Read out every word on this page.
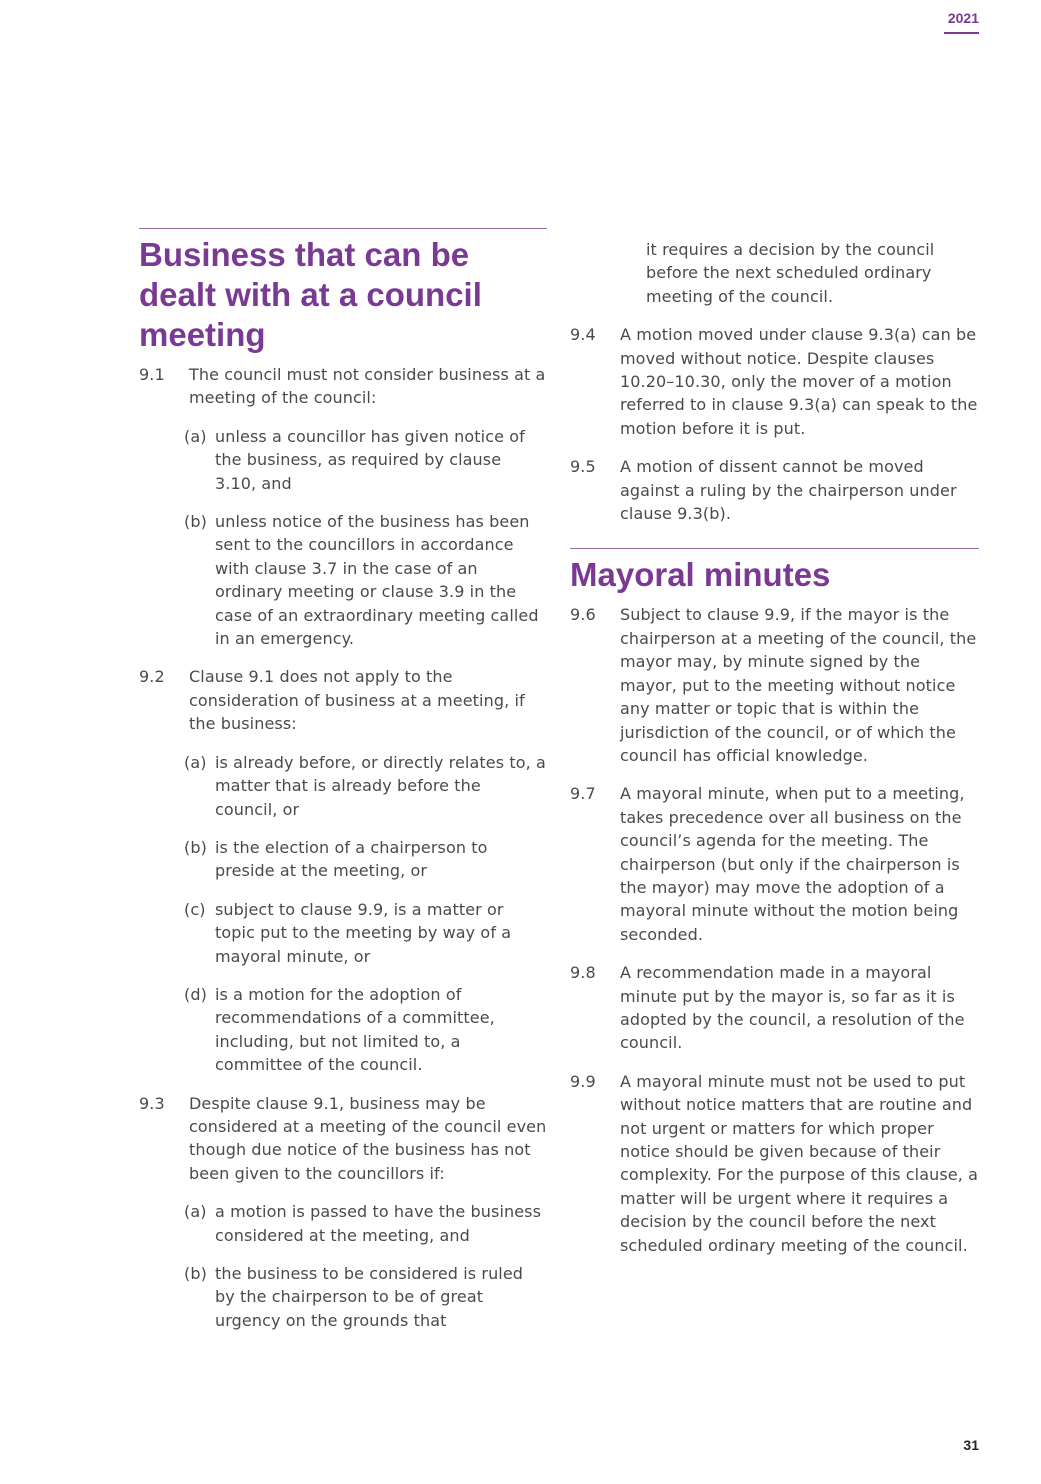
2021
Business that can be dealt with at a council meeting
9.1	The council must not consider business at a meeting of the council:
(a) unless a councillor has given notice of the business, as required by clause 3.10, and
(b) unless notice of the business has been sent to the councillors in accordance with clause 3.7 in the case of an ordinary meeting or clause 3.9 in the case of an extraordinary meeting called in an emergency.
9.2	Clause 9.1 does not apply to the consideration of business at a meeting, if the business:
(a) is already before, or directly relates to, a matter that is already before the council, or
(b) is the election of a chairperson to preside at the meeting, or
(c) subject to clause 9.9, is a matter or topic put to the meeting by way of a mayoral minute, or
(d) is a motion for the adoption of recommendations of a committee, including, but not limited to, a committee of the council.
9.3	Despite clause 9.1, business may be considered at a meeting of the council even though due notice of the business has not been given to the councillors if:
(a) a motion is passed to have the business considered at the meeting, and
(b) the business to be considered is ruled by the chairperson to be of great urgency on the grounds that
it requires a decision by the council before the next scheduled ordinary meeting of the council.
9.4	A motion moved under clause 9.3(a) can be moved without notice. Despite clauses 10.20–10.30, only the mover of a motion referred to in clause 9.3(a) can speak to the motion before it is put.
9.5	A motion of dissent cannot be moved against a ruling by the chairperson under clause 9.3(b).
Mayoral minutes
9.6	Subject to clause 9.9, if the mayor is the chairperson at a meeting of the council, the mayor may, by minute signed by the mayor, put to the meeting without notice any matter or topic that is within the jurisdiction of the council, or of which the council has official knowledge.
9.7	A mayoral minute, when put to a meeting, takes precedence over all business on the council’s agenda for the meeting. The chairperson (but only if the chairperson is the mayor) may move the adoption of a mayoral minute without the motion being seconded.
9.8	A recommendation made in a mayoral minute put by the mayor is, so far as it is adopted by the council, a resolution of the council.
9.9	A mayoral minute must not be used to put without notice matters that are routine and not urgent or matters for which proper notice should be given because of their complexity. For the purpose of this clause, a matter will be urgent where it requires a decision by the council before the next scheduled ordinary meeting of the council.
31
